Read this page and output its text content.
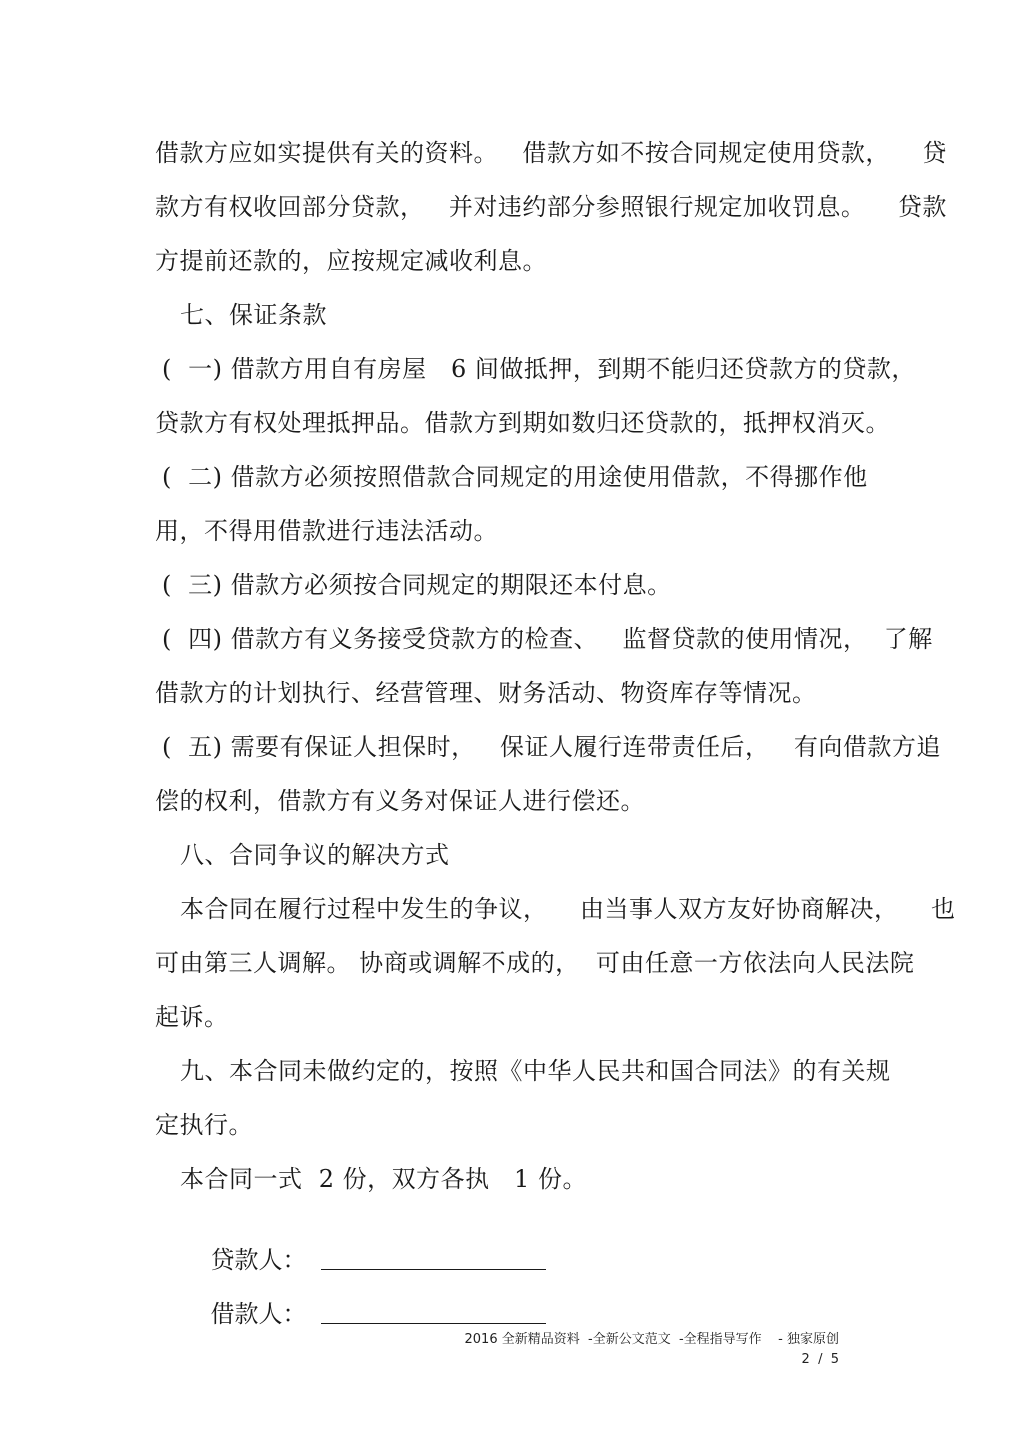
借款方应如实提供有关的资料。   借款方如不按合同规定使用贷款，    贷
款方有权收回部分贷款，   并对违约部分参照银行规定加收罚息。    贷款
方提前还款的，应按规定减收利息。
七、保证条款
(  一) 借款方用自有房屋   6 间做抵押，到期不能归还贷款方的贷款，
贷款方有权处理抵押品。借款方到期如数归还贷款的，抵押权消灭。
(  二) 借款方必须按照借款合同规定的用途使用借款，不得挪作他
用，不得用借款进行违法活动。
(  三) 借款方必须按合同规定的期限还本付息。
(  四) 借款方有义务接受贷款方的检查、   监督贷款的使用情况，  了解
借款方的计划执行、经营管理、财务活动、物资库存等情况。
(  五) 需要有保证人担保时，   保证人履行连带责任后，   有向借款方追
偿的权利，借款方有义务对保证人进行偿还。
八、合同争议的解决方式
本合同在履行过程中发生的争议，    由当事人双方友好协商解决，    也
可由第三人调解。 协商或调解不成的，  可由任意一方依法向人民法院
起诉。
九、本合同未做约定的，按照《中华人民共和国合同法》的有关规
定执行。
本合同一式  2 份，双方各执   1 份。

贷款人：

借款人：

2016 全新精品资料  -全新公文范文  -全程指导写作    - 独家原创
2  /  5
